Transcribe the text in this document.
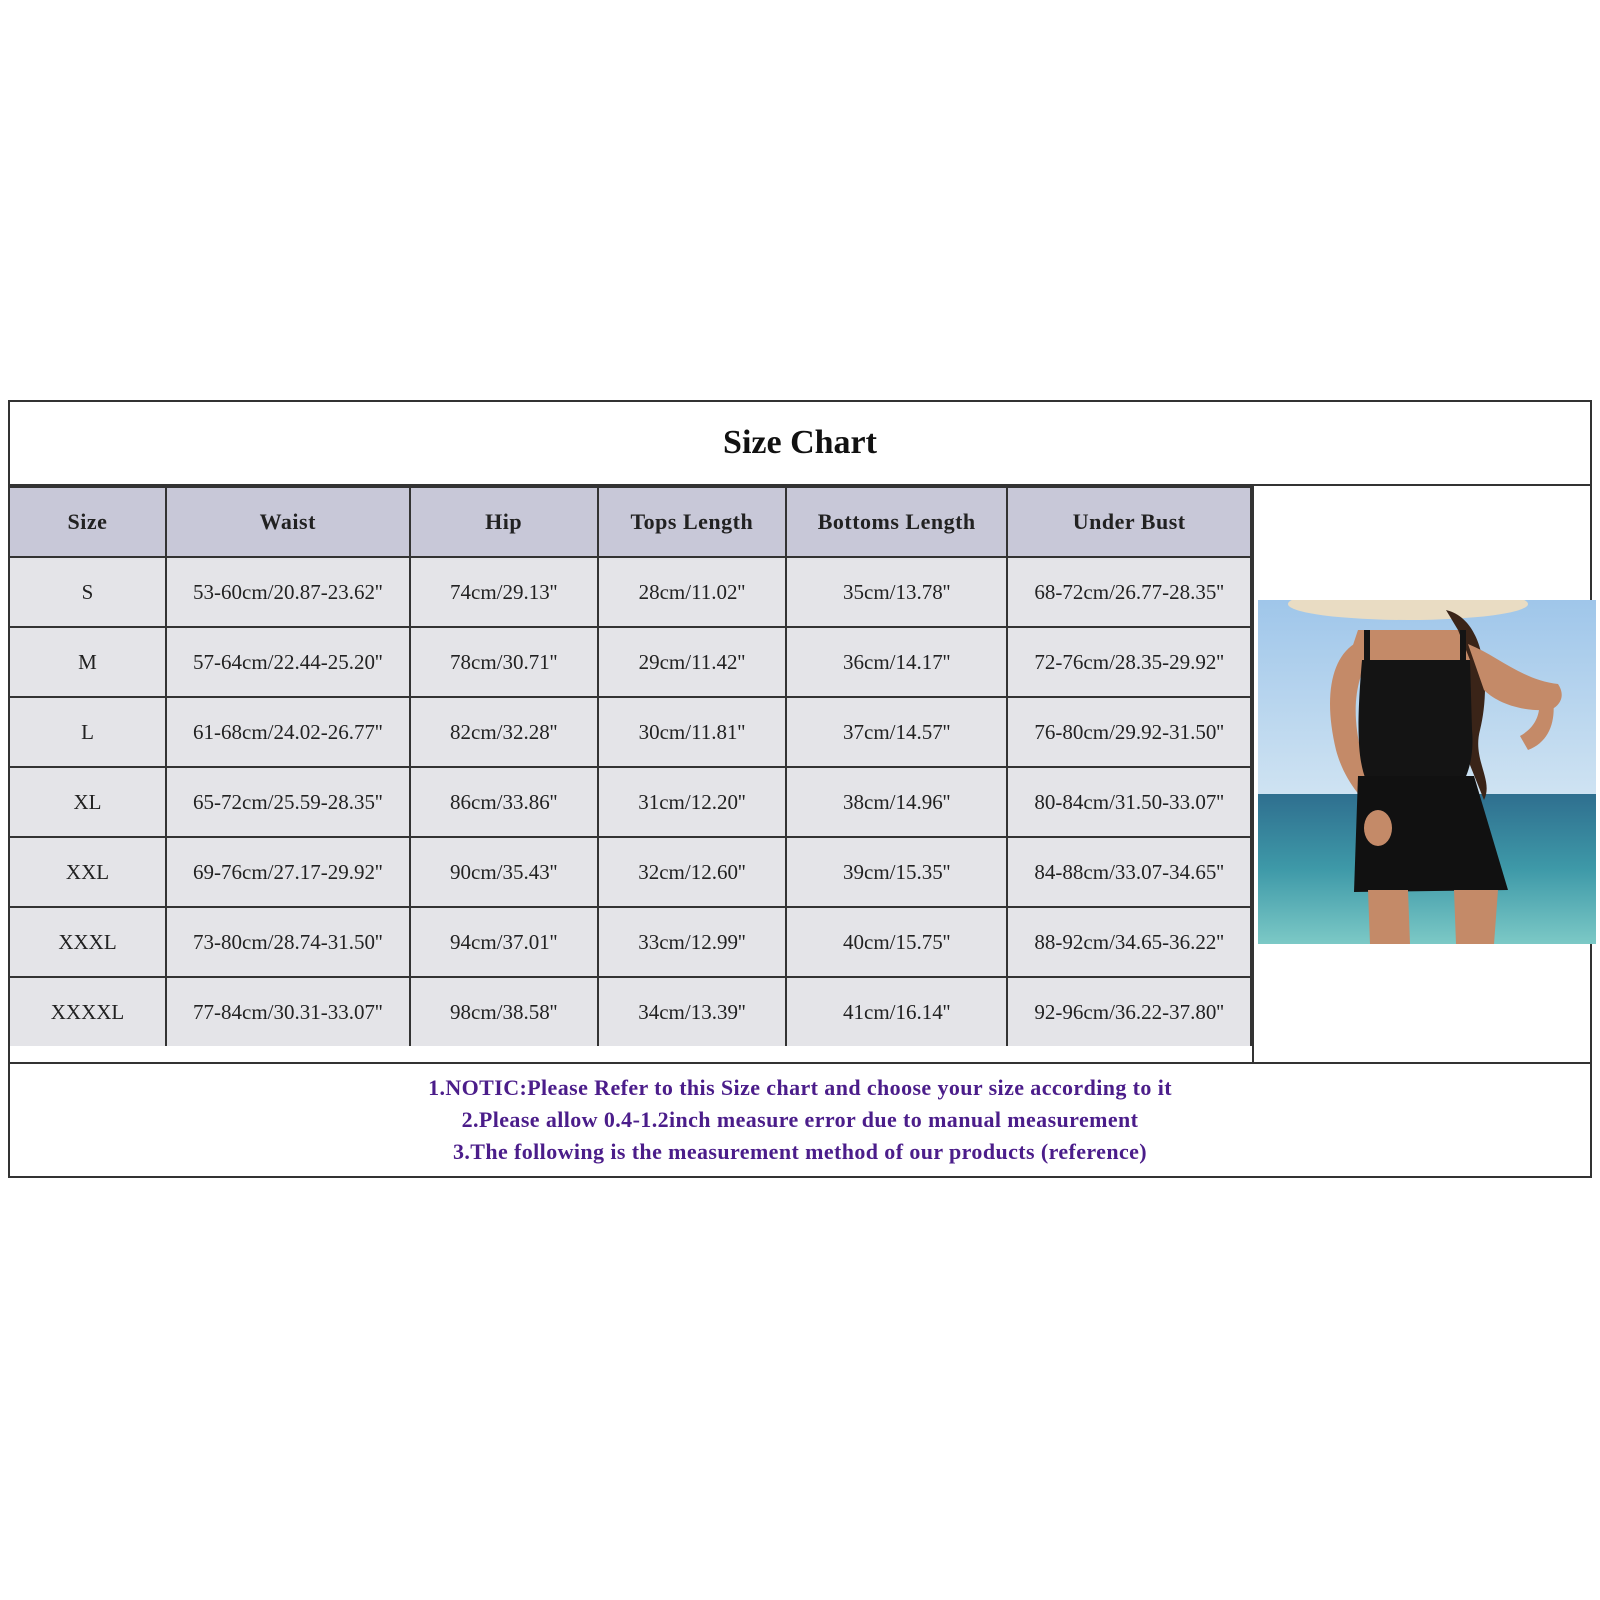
Size Chart
Size	Waist	Hip	Tops Length	Bottoms Length	Under Bust
S	53-60cm/20.87-23.62''	74cm/29.13''	28cm/11.02''	35cm/13.78''	68-72cm/26.77-28.35''
M	57-64cm/22.44-25.20''	78cm/30.71''	29cm/11.42''	36cm/14.17''	72-76cm/28.35-29.92''
L	61-68cm/24.02-26.77''	82cm/32.28''	30cm/11.81''	37cm/14.57''	76-80cm/29.92-31.50''
XL	65-72cm/25.59-28.35''	86cm/33.86''	31cm/12.20''	38cm/14.96''	80-84cm/31.50-33.07''
XXL	69-76cm/27.17-29.92''	90cm/35.43''	32cm/12.60''	39cm/15.35''	84-88cm/33.07-34.65''
XXXL	73-80cm/28.74-31.50''	94cm/37.01''	33cm/12.99''	40cm/15.75''	88-92cm/34.65-36.22''
XXXXL	77-84cm/30.31-33.07''	98cm/38.58''	34cm/13.39''	41cm/16.14''	92-96cm/36.22-37.80''

1.NOTIC:Please Refer to this Size chart and choose your size according to it

2.Please allow 0.4-1.2inch measure error due to manual measurement

3.The following is the measurement method of our products (reference)
